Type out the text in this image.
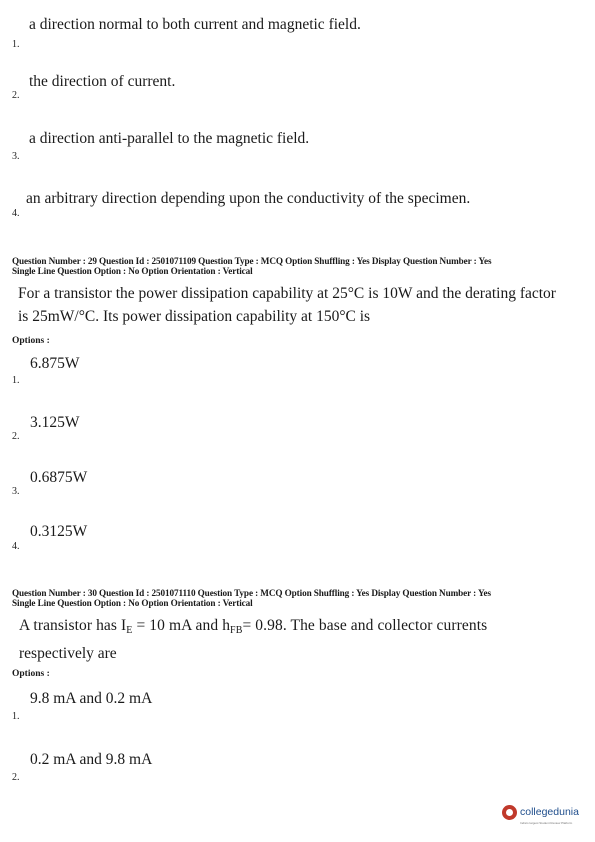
a direction normal to both current and magnetic field.
1.
the direction of current.
2.
a direction anti-parallel to the magnetic field.
3.
an arbitrary direction depending upon the conductivity of the specimen.
4.
Question Number : 29 Question Id : 2501071109 Question Type : MCQ Option Shuffling : Yes Display Question Number : Yes
Single Line Question Option : No Option Orientation : Vertical
For a transistor the power dissipation capability at 25°C is 10W and the derating factor
is 25mW/°C. Its power dissipation capability at 150°C is
Options :
6.875W
1.
3.125W
2.
0.6875W
3.
0.3125W
4.
Question Number : 30 Question Id : 2501071110 Question Type : MCQ Option Shuffling : Yes Display Question Number : Yes
Single Line Question Option : No Option Orientation : Vertical
A transistor has $I_E = 10$ mA and $h_{FB}= 0.98$. The base and collector currents
respectively are
Options :
9.8 mA and 0.2 mA
1.
0.2 mA and 9.8 mA
2.
collegedunia
India's largest Student Review Platform
